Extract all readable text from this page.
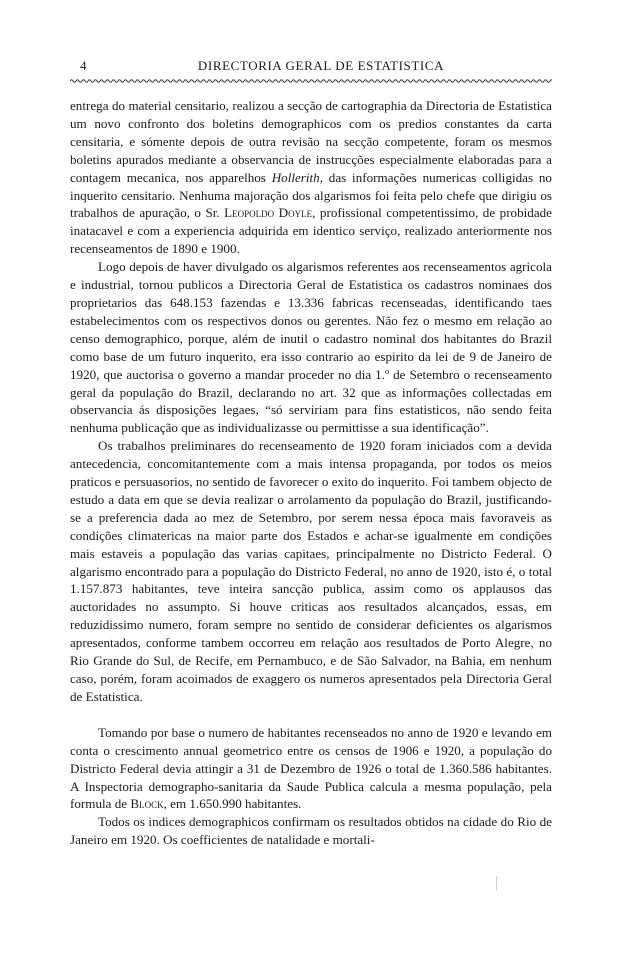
4	DIRECTORIA GERAL DE ESTATISTICA

entrega do material censitario, realizou a secção de cartographia da Directoria de Estatistica um novo confronto dos boletins demographicos com os predios constantes da carta censitaria, e sómente depois de outra revisão na secção competente, foram os mesmos boletins apurados mediante a observancia de instrucções especialmente elaboradas para a contagem mecanica, nos apparelhos Hollerith, das informações numericas colligidas no inquerito censitario. Nenhuma majoração dos algarismos foi feita pelo chefe que dirigiu os trabalhos de apuração, o Sr. Leopoldo Doyle, profissional competentissimo, de probidade inatacavel e com a experiencia adquirida em identico serviço, realizado anteriormente nos recenseamentos de 1890 e 1900.

Logo depois de haver divulgado os algarismos referentes aos recenseamentos agricola e industrial, tornou publicos a Directoria Geral de Estatistica os cadastros nominaes dos proprietarios das 648.153 fazendas e 13.336 fabricas recenseadas, identificando taes estabelecimentos com os respectivos donos ou gerentes. Não fez o mesmo em relação ao censo demographico, porque, além de inutil o cadastro nominal dos habitantes do Brazil como base de um futuro inquerito, era isso contrario ao espirito da lei de 9 de Janeiro de 1920, que auctorisa o governo a mandar proceder no dia 1.º de Setembro o recenseamento geral da população do Brazil, declarando no art. 32 que as informações collectadas em observancia ás disposições legaes, “só serviriam para fins estatisticos, não sendo feita nenhuma publicação que as individualizasse ou permittisse a sua identificação”.

Os trabalhos preliminares do recenseamento de 1920 foram iniciados com a devida antecedencia, concomitantemente com a mais intensa propaganda, por todos os meios praticos e persuasorios, no sentido de favorecer o exito do inquerito. Foi tambem objecto de estudo a data em que se devia realizar o arrolamento da população do Brazil, justificando-se a preferencia dada ao mez de Setembro, por serem nessa época mais favoraveis as condições climatericas na maior parte dos Estados e achar-se igualmente em condições mais estaveis a população das varias capitaes, principalmente no Districto Federal. O algarismo encontrado para a população do Districto Federal, no anno de 1920, isto é, o total 1.157.873 habitantes, teve inteira sancção publica, assim como os applausos das auctoridades no assumpto. Si houve criticas aos resultados alcançados, essas, em reduzidissimo numero, foram sempre no sentido de considerar deficientes os algarismos apresentados, conforme tambem occorreu em relação aos resultados de Porto Alegre, no Rio Grande do Sul, de Recife, em Pernambuco, e de São Salvador, na Bahia, em nenhum caso, porém, foram acoimados de exaggero os numeros apresentados pela Directoria Geral de Estatistica.

Tomando por base o numero de habitantes recenseados no anno de 1920 e levando em conta o crescimento annual geometrico entre os censos de 1906 e 1920, a população do Districto Federal devia attingir a 31 de Dezembro de 1926 o total de 1.360.586 habitantes. A Inspectoria demographo-sanitaria da Saude Publica calcula a mesma população, pela formula de Block, em 1.650.990 habitantes.

Todos os indices demographicos confirmam os resultados obtidos na cidade do Rio de Janeiro em 1920. Os coefficientes de natalidade e mortali-
